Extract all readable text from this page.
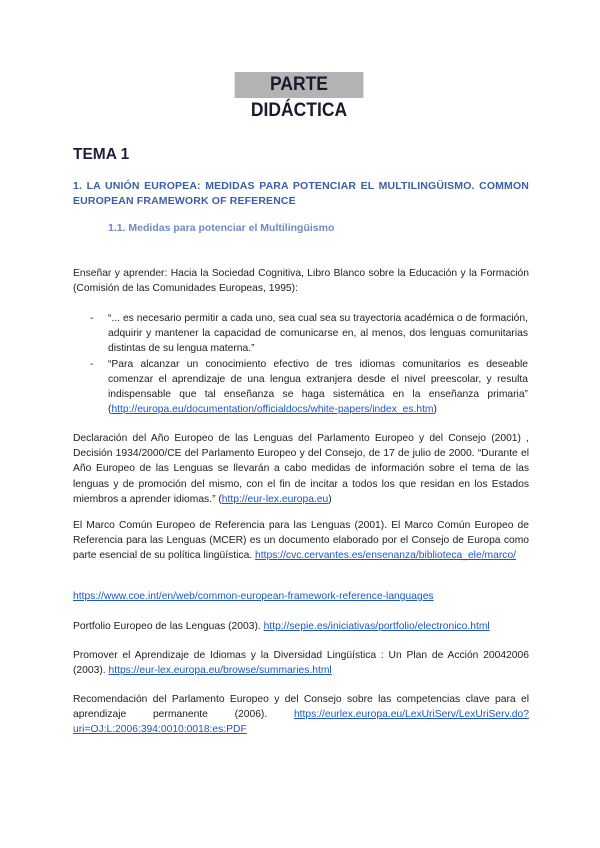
PARTE DIDÁCTICA
TEMA 1
1. LA UNIÓN EUROPEA: MEDIDAS PARA POTENCIAR EL MULTILINGÜISMO. COMMON EUROPEAN FRAMEWORK OF REFERENCE
1.1. Medidas para potenciar el Multilingüismo
Enseñar y aprender: Hacia la Sociedad Cognitiva, Libro Blanco sobre la Educación y la Formación (Comisión de las Comunidades Europeas, 1995):
- “... es necesario permitir a cada uno, sea cual sea su trayectoria académica o de formación, adquirir y mantener la capacidad de comunicarse en, al menos, dos lenguas comunitarias distintas de su lengua materna.”
- “Para alcanzar un conocimiento efectivo de tres idiomas comunitarios es deseable comenzar el aprendizaje de una lengua extranjera desde el nivel preescolar, y resulta indispensable que tal enseñanza se haga sistemática en la enseñanza primaria” (http://europa.eu/documentation/officialdocs/white-papers/index_es.htm)
Declaración del Año Europeo de las Lenguas del Parlamento Europeo y del Consejo (2001) , Decisión 1934/2000/CE del Parlamento Europeo y del Consejo, de 17 de julio de 2000. “Durante el Año Europeo de las Lenguas se llevarán a cabo medidas de información sobre el tema de las lenguas y de promoción del mismo, con el fin de incitar a todos los que residan en los Estados miembros a aprender idiomas.” (http://eur-lex.europa.eu)
El Marco Común Europeo de Referencia para las Lenguas (2001). El Marco Común Europeo de Referencia para las Lenguas (MCER) es un documento elaborado por el Consejo de Europa como parte esencial de su política lingüística. https://cvc.cervantes.es/ensenanza/biblioteca_ele/marco/
https://www.coe.int/en/web/common-european-framework-reference-languages
Portfolio Europeo de las Lenguas (2003). http://sepie.es/iniciativas/portfolio/electronico.html
Promover el Aprendizaje de Idiomas y la Diversidad Lingüística : Un Plan de Acción 20042006 (2003). https://eur-lex.europa.eu/browse/summaries.html
Recomendación del Parlamento Europeo y del Consejo sobre las competencias clave para el aprendizaje permanente (2006).	https://eurlex.europa.eu/LexUriServ/LexUriServ.do?uri=OJ:L:2006:394:0010:0018:es:PDF
